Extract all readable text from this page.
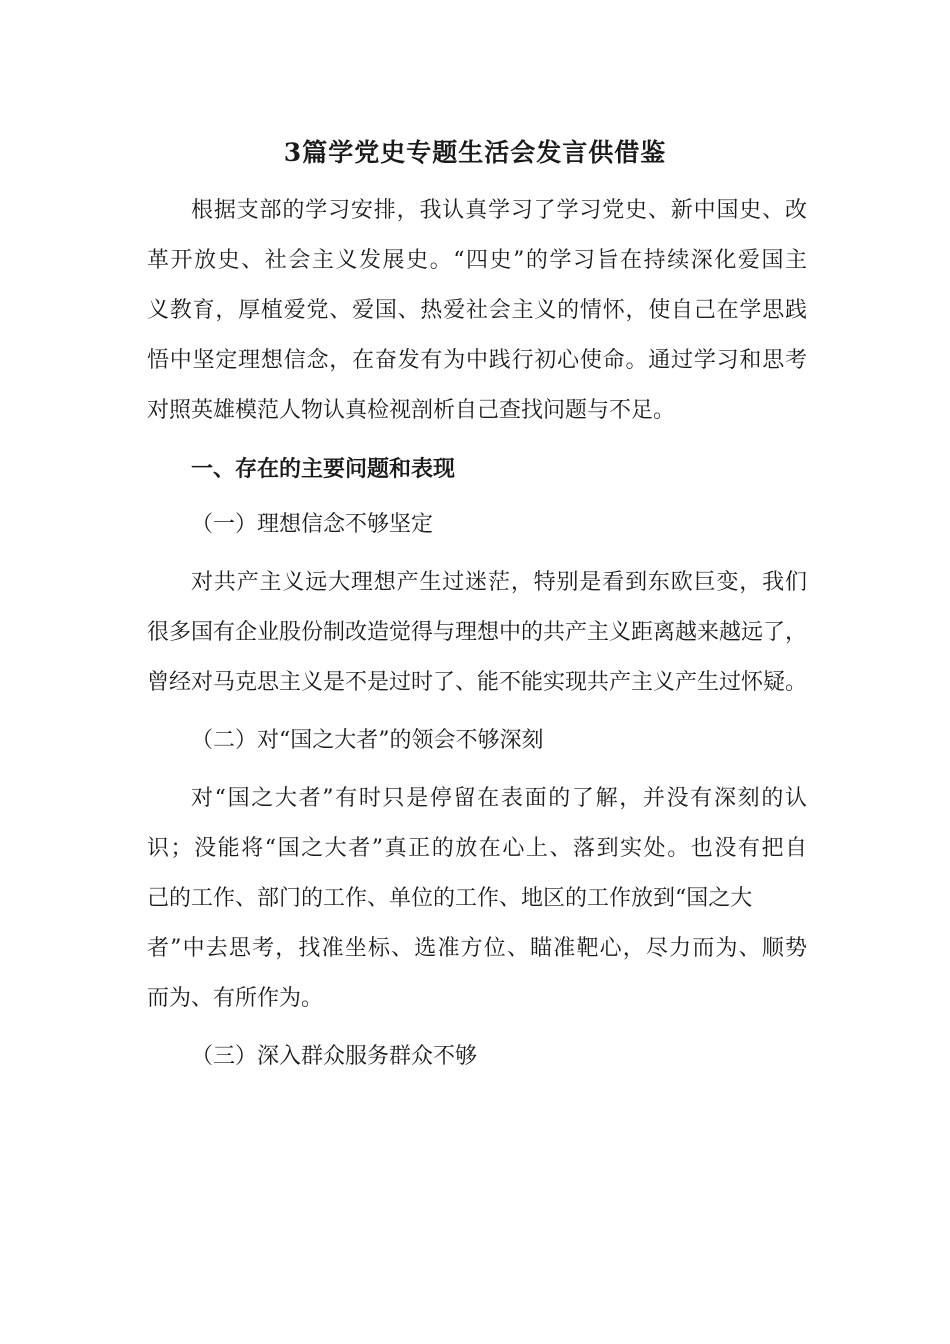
3篇学党史专题生活会发言供借鉴

根据支部的学习安排，我认真学习了学习党史、新中国史、改

革开放史、社会主义发展史。“四史”的学习旨在持续深化爱国主

义教育，厚植爱党、爱国、热爱社会主义的情怀，使自己在学思践

悟中坚定理想信念，在奋发有为中践行初心使命。通过学习和思考

对照英雄模范人物认真检视剖析自己查找问题与不足。

一、存在的主要问题和表现

（一）理想信念不够坚定

对共产主义远大理想产生过迷茫，特别是看到东欧巨变，我们

很多国有企业股份制改造觉得与理想中的共产主义距离越来越远了，

曾经对马克思主义是不是过时了、能不能实现共产主义产生过怀疑。

（二）对“国之大者”的领会不够深刻

对“国之大者”有时只是停留在表面的了解，并没有深刻的认

识；没能将“国之大者”真正的放在心上、落到实处。也没有把自

己的工作、部门的工作、单位的工作、地区的工作放到“国之大

者”中去思考，找准坐标、选准方位、瞄准靶心，尽力而为、顺势

而为、有所作为。

（三）深入群众服务群众不够
